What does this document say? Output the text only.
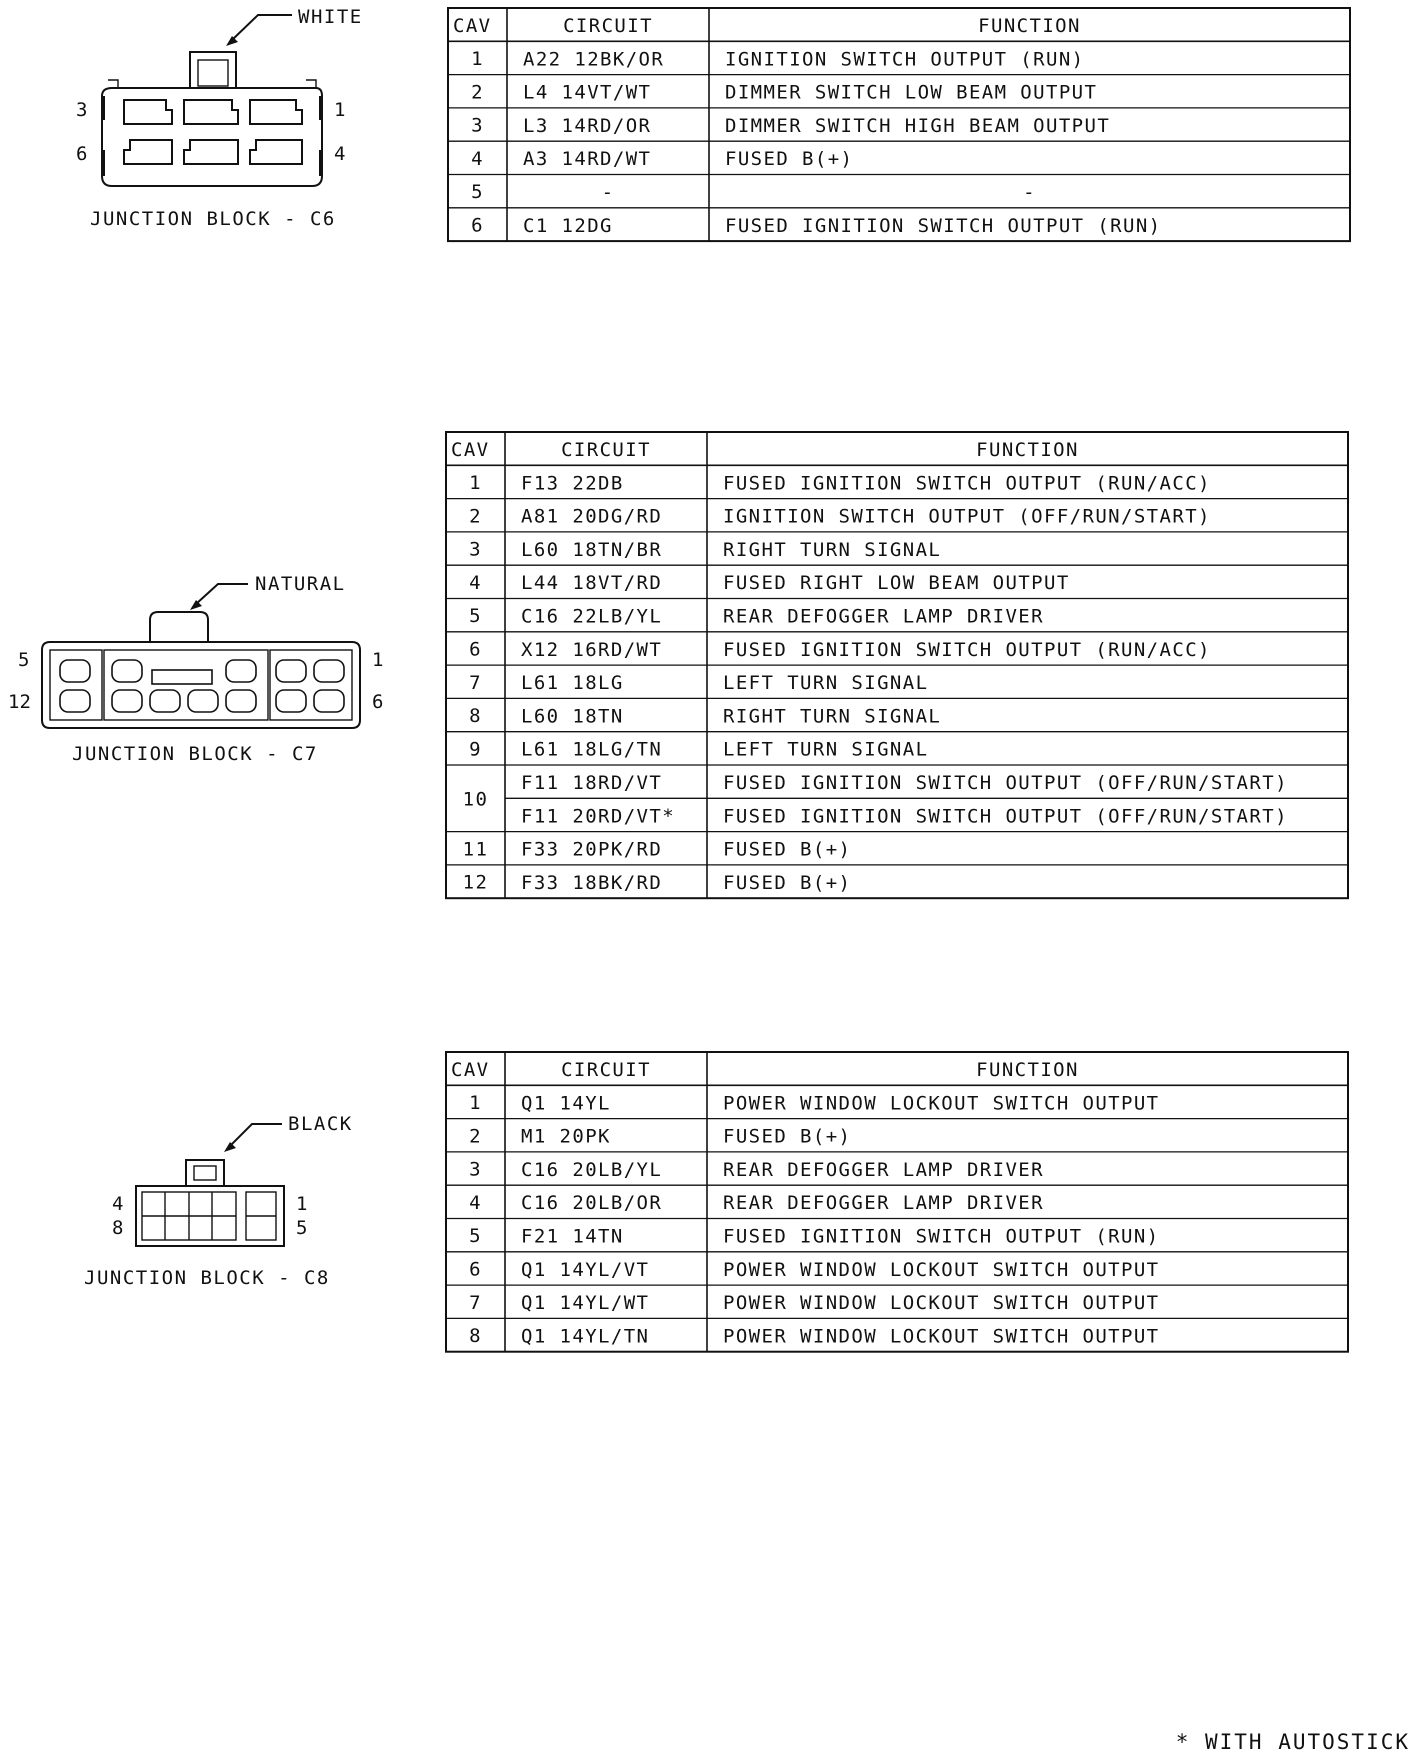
WHITE
3	1
6	4
JUNCTION BLOCK - C6
NATURAL
5	1
12	6
JUNCTION BLOCK - C7
BLACK
4	1
8	5
JUNCTION BLOCK - C8
CAV	CIRCUIT	FUNCTION
1 A22 12BK/OR	IGNITION SWITCH OUTPUT (RUN)
2 L4 14VT/WT	DIMMER SWITCH LOW BEAM OUTPUT
3 L3 14RD/OR	DIMMER SWITCH HIGH BEAM OUTPUT
4 A3 14RD/WT	FUSED B(+)
5	-	-
6 C1 12DG	FUSED IGNITION SWITCH OUTPUT (RUN)
CAV	CIRCUIT	FUNCTION
1 F13 22DB	FUSED IGNITION SWITCH OUTPUT (RUN/ACC)
2 A81 20DG/RD	IGNITION SWITCH OUTPUT (OFF/RUN/START)
3 L60 18TN/BR	RIGHT TURN SIGNAL
4 L44 18VT/RD	FUSED RIGHT LOW BEAM OUTPUT
5 C16 22LB/YL	REAR DEFOGGER LAMP DRIVER
6 X12 16RD/WT	FUSED IGNITION SWITCH OUTPUT (RUN/ACC)
7 L61 18LG	LEFT TURN SIGNAL
8 L60 18TN	RIGHT TURN SIGNAL
9 L61 18LG/TN	LEFT TURN SIGNAL
10
F11 18RD/VT	FUSED IGNITION SWITCH OUTPUT (OFF/RUN/START)
F11 20RD/VT*	FUSED IGNITION SWITCH OUTPUT (OFF/RUN/START)
11 F33 20PK/RD	FUSED B(+)
12 F33 18BK/RD	FUSED B(+)
CAV	CIRCUIT	FUNCTION
1 Q1 14YL	POWER WINDOW LOCKOUT SWITCH OUTPUT
2 M1 20PK	FUSED B(+)
3 C16 20LB/YL	REAR DEFOGGER LAMP DRIVER
4 C16 20LB/OR	REAR DEFOGGER LAMP DRIVER
5 F21 14TN	FUSED IGNITION SWITCH OUTPUT (RUN)
6 Q1 14YL/VT	POWER WINDOW LOCKOUT SWITCH OUTPUT
7 Q1 14YL/WT	POWER WINDOW LOCKOUT SWITCH OUTPUT
8 Q1 14YL/TN	POWER WINDOW LOCKOUT SWITCH OUTPUT
* WITH AUTOSTICK
